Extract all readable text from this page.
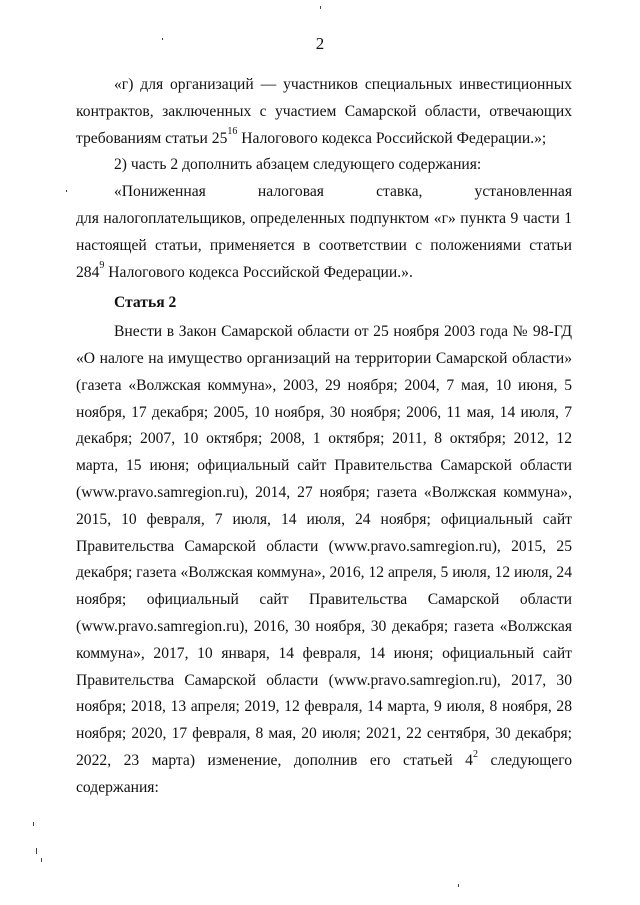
2

«г) для организаций — участников специальных инвестиционных контрактов, заключенных с участием Самарской области, отвечающих требованиям статьи $25^{16}$ Налогового кодекса Российской Федерации.»;

2) часть 2 дополнить абзацем следующего содержания:

«Пониженная налоговая ставка, установленная

для налогоплательщиков, определенных подпунктом «г» пункта 9 части 1 настоящей статьи, применяется в соответствии с положениями статьи $284^9$ Налогового кодекса Российской Федерации.».

Статья 2

Внести в Закон Самарской области от 25 ноября 2003 года № 98-ГД «О налоге на имущество организаций на территории Самарской области» (газета «Волжская коммуна», 2003, 29 ноября; 2004, 7 мая, 10 июня, 5 ноября, 17 декабря; 2005, 10 ноября, 30 ноября; 2006, 11 мая, 14 июля, 7 декабря; 2007, 10 октября; 2008, 1 октября; 2011, 8 октября; 2012, 12 марта, 15 июня; официальный сайт Правительства Самарской области (www.pravo.samregion.ru), 2014, 27 ноября; газета «Волжская коммуна», 2015, 10 февраля, 7 июля, 14 июля, 24 ноября; официальный сайт Правительства Самарской области (www.pravo.samregion.ru), 2015, 25 декабря; газета «Волжская коммуна», 2016, 12 апреля, 5 июля, 12 июля, 24 ноября; официальный сайт Правительства Самарской области (www.pravo.samregion.ru), 2016, 30 ноября, 30 декабря; газета «Волжская коммуна», 2017, 10 января, 14 февраля, 14 июня; официальный сайт Правительства Самарской области (www.pravo.samregion.ru), 2017, 30 ноября; 2018, 13 апреля; 2019, 12 февраля, 14 марта, 9 июля, 8 ноября, 28 ноября; 2020, 17 февраля, 8 мая, 20 июля; 2021, 22 сентября, 30 декабря; 2022, 23 марта) изменение, дополнив его статьей $4^2$ следующего содержания:
